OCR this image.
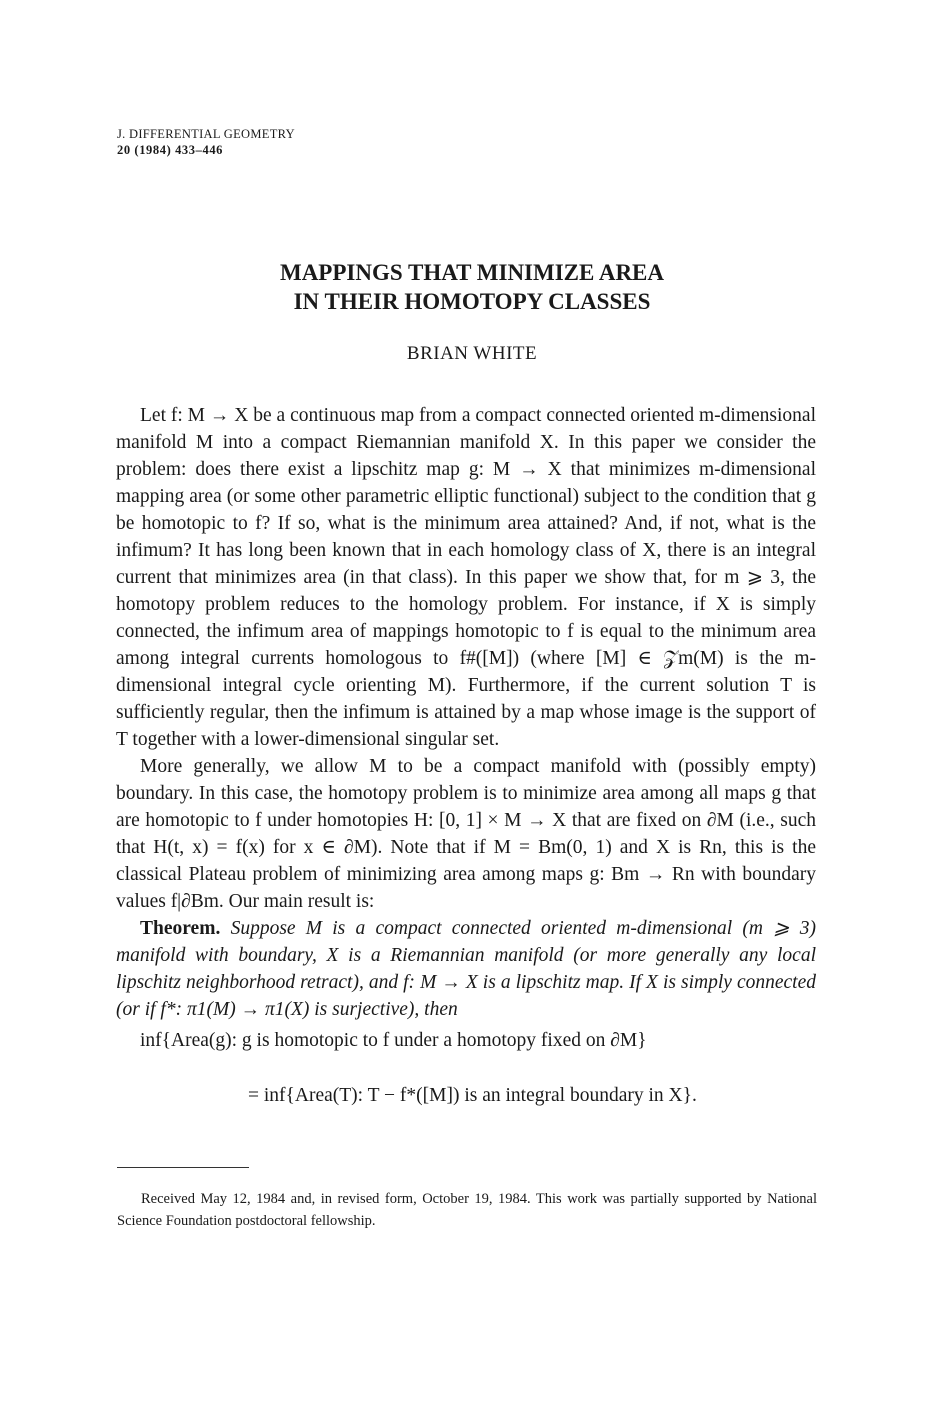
J. DIFFERENTIAL GEOMETRY
20 (1984) 433–446
MAPPINGS THAT MINIMIZE AREA
IN THEIR HOMOTOPY CLASSES
BRIAN WHITE

Let f: M → X be a continuous map from a compact connected oriented m-dimensional manifold M into a compact Riemannian manifold X. In this paper we consider the problem: does there exist a lipschitz map g: M → X that minimizes m-dimensional mapping area (or some other parametric elliptic functional) subject to the condition that g be homotopic to f? If so, what is the minimum area attained? And, if not, what is the infimum? It has long been known that in each homology class of X, there is an integral current that minimizes area (in that class). In this paper we show that, for m ⩾ 3, the homotopy problem reduces to the homology problem. For instance, if X is simply connected, the infimum area of mappings homotopic to f is equal to the minimum area among integral currents homologous to f#([M]) (where [M] ∈ 𝒵m(M) is the m-dimensional integral cycle orienting M). Furthermore, if the current solution T is sufficiently regular, then the infimum is attained by a map whose image is the support of T together with a lower-dimensional singular set.

More generally, we allow M to be a compact manifold with (possibly empty) boundary. In this case, the homotopy problem is to minimize area among all maps g that are homotopic to f under homotopies H: [0, 1] × M → X that are fixed on ∂M (i.e., such that H(t, x) = f(x) for x ∈ ∂M). Note that if M = Bm(0, 1) and X is Rn, this is the classical Plateau problem of minimizing area among maps g: Bm → Rn with boundary values f|∂Bm. Our main result is:

Theorem. Suppose M is a compact connected oriented m-dimensional (m ⩾ 3) manifold with boundary, X is a Riemannian manifold (or more generally any local lipschitz neighborhood retract), and f: M → X is a lipschitz map. If X is simply connected (or if f*: π1(M) → π1(X) is surjective), then

inf{Area(g): g is homotopic to f under a homotopy fixed on ∂M}
= inf{Area(T): T − f*([M]) is an integral boundary in X}.
Received May 12, 1984 and, in revised form, October 19, 1984. This work was partially supported by National Science Foundation postdoctoral fellowship.
